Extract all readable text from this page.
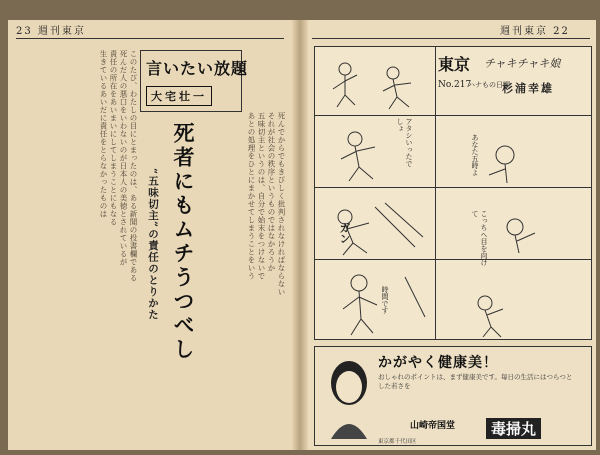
23 週刊東京	週刊東京 22
このたび、わたしの目にとまったのは、ある新聞の投書欄である
死んだ人の悪口をいわないのが日本人の美徳とされているが
責任の所在をあいまいにしてしまうことにもなる
生きているあいだに責任をとらなかったものは	死んでからでもきびしく批判されなければならない
それが社会の秩序というものではなかろうか
五味切主というのは、自分で始末をつけないで
あとの処理をひとにまかせてしまうことをいう
言いたい放題
大宅壮一
死者にもムチうつべし
“五味切主”の責任のとりかた
東京 チャキチャキ娘
No.217
ハナもの日曜
杉浦幸雄
アタシいったでしょ
あなた五時よ
ガン	こっちへ目を向けて
時間です
かがやく健康美！
おしゃれのポイントは、まず健康美です。毎日の生活にはつらつとした若さを
山崎帝国堂	毒掃丸
東京都千代田区
